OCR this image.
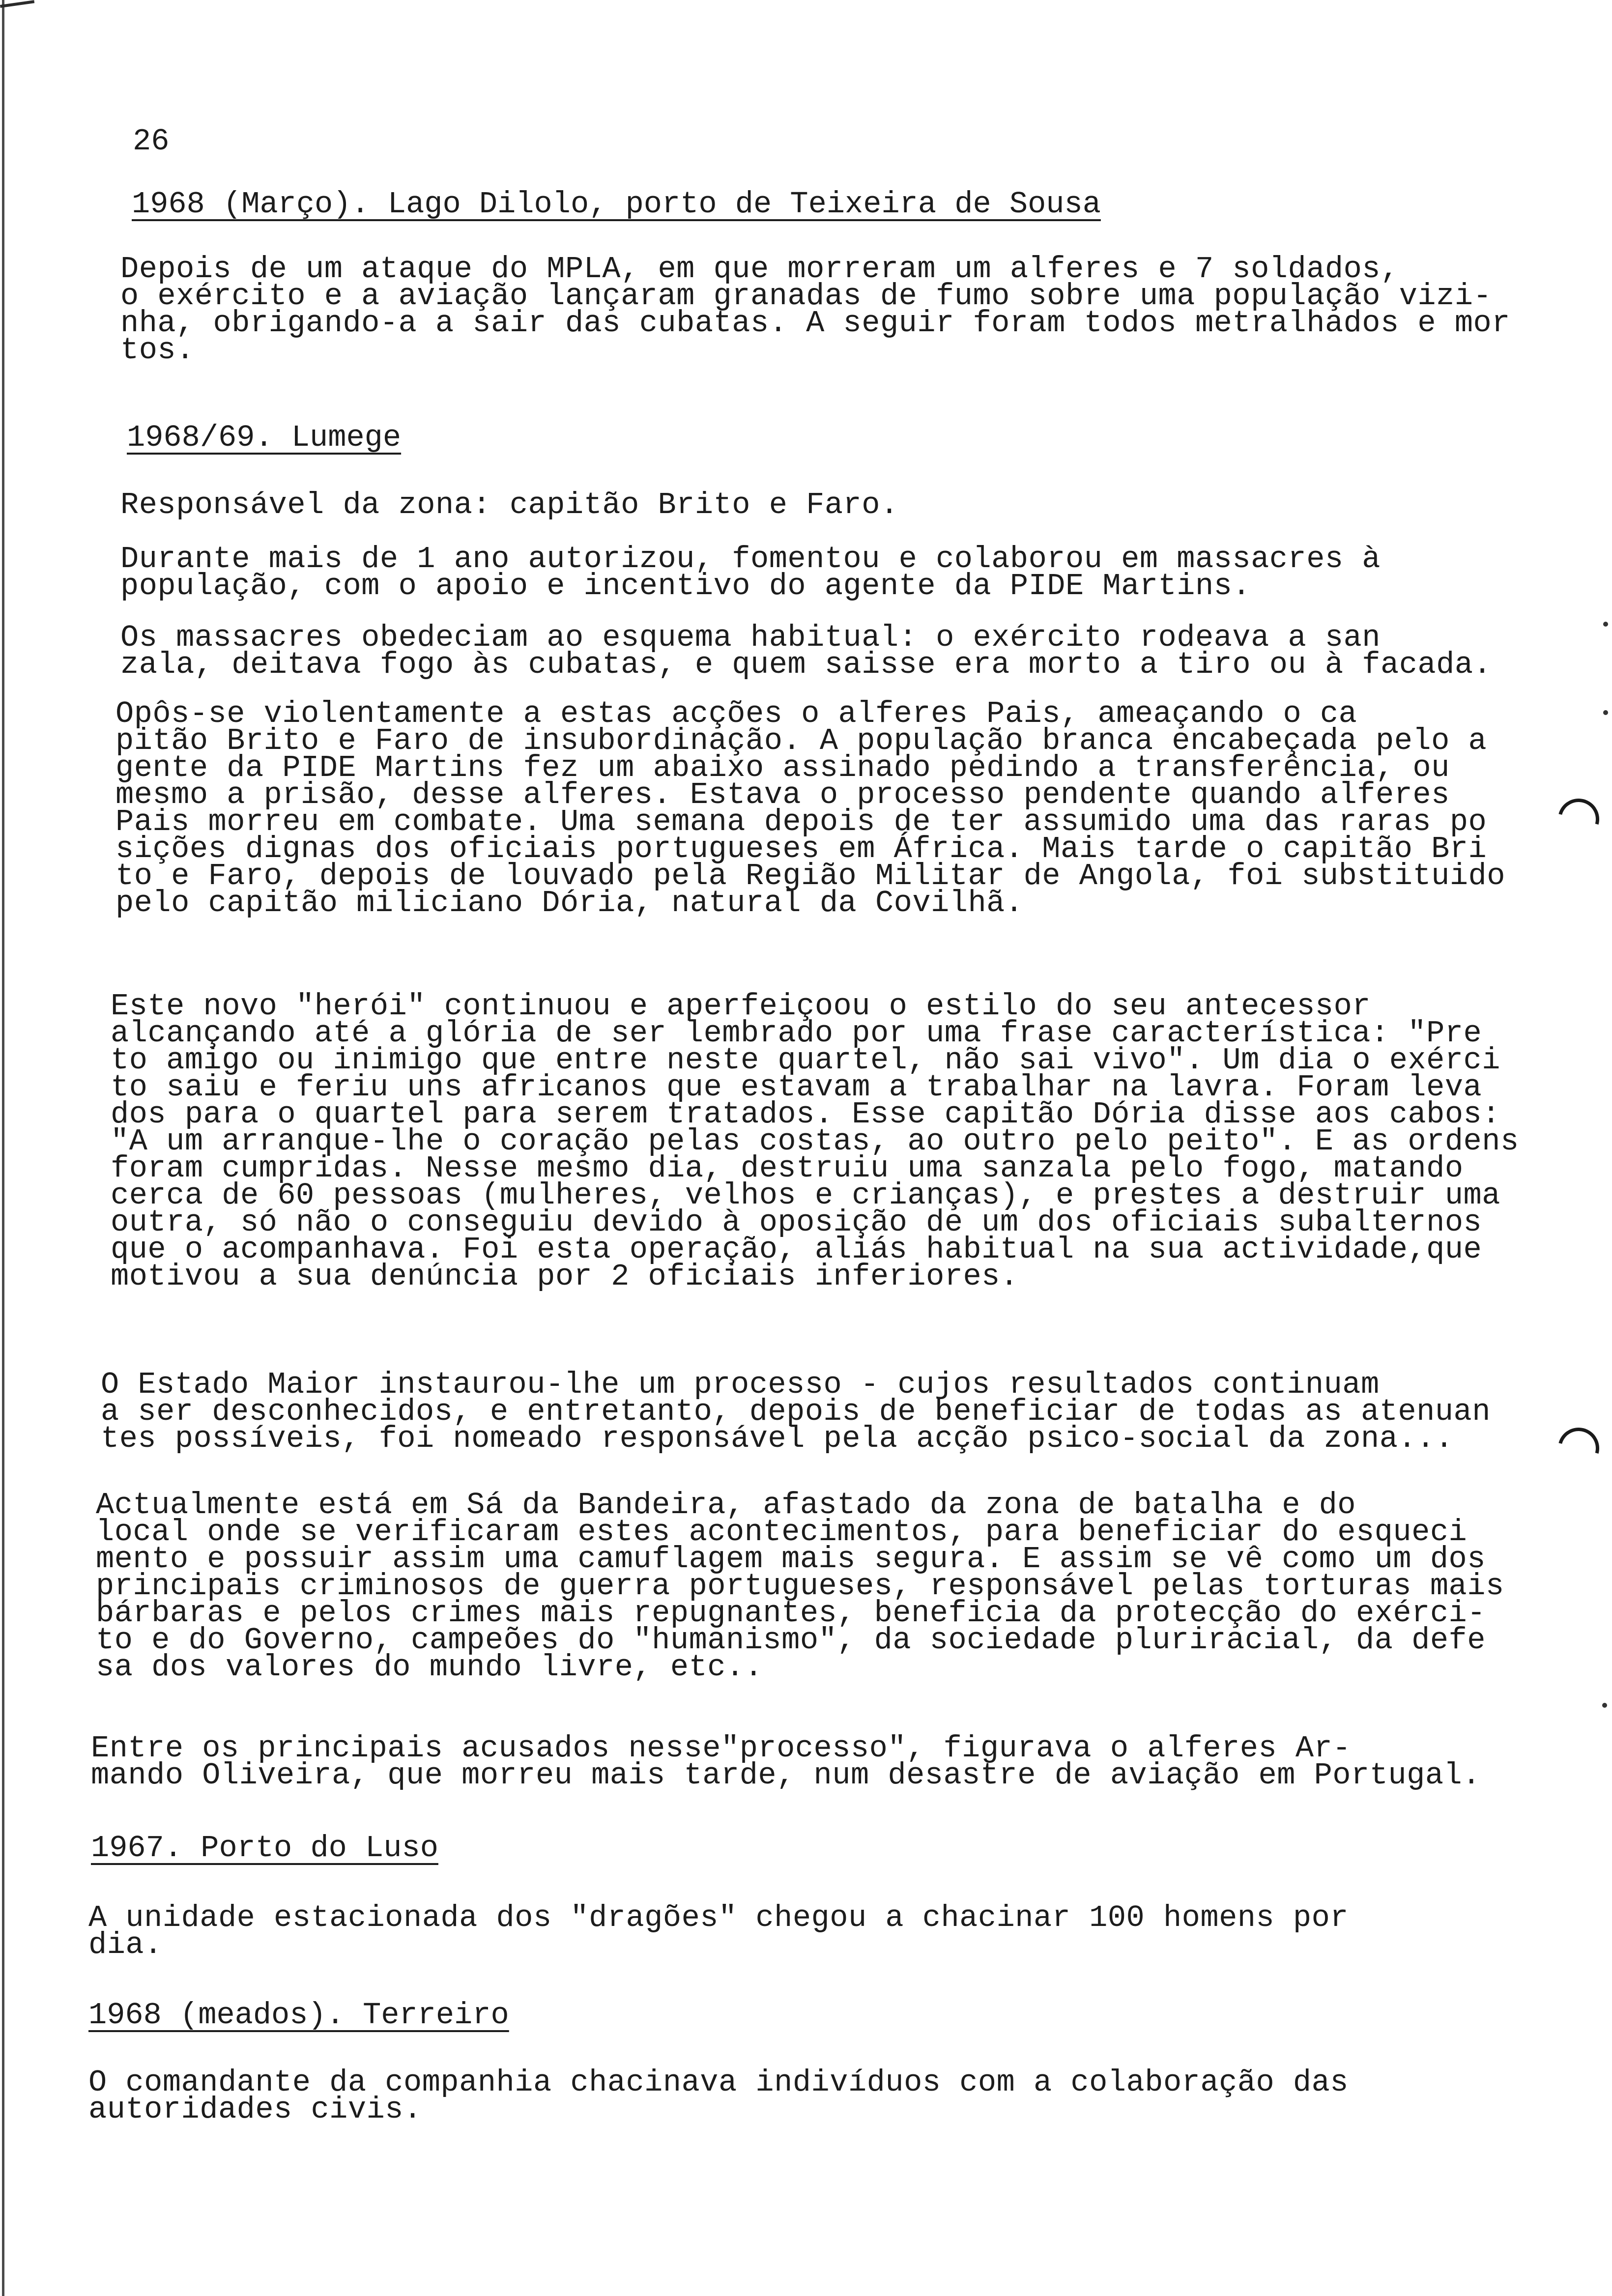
26
1968 (Março). Lago Dilolo, porto de Teixeira de Sousa
Depois de um ataque do MPLA, em que morreram um alferes e 7 soldados,
o exército e a aviação lançaram granadas de fumo sobre uma população vizi-
nha, obrigando-a a sair das cubatas. A seguir foram todos metralhados e mor
tos.
1968/69. Lumege
Responsável da zona: capitão Brito e Faro.
Durante mais de 1 ano autorizou, fomentou e colaborou em massacres à
população, com o apoio e incentivo do agente da PIDE Martins.
Os massacres obedeciam ao esquema habitual: o exército rodeava a san
zala, deitava fogo às cubatas, e quem saisse era morto a tiro ou à facada.
Opôs-se violentamente a estas acções o alferes Pais, ameaçando o ca
pitão Brito e Faro de insubordinação. A população branca encabeçada pelo a
gente da PIDE Martins fez um abaixo assinado pedindo a transferência, ou
mesmo a prisão, desse alferes. Estava o processo pendente quando alferes
Pais morreu em combate. Uma semana depois de ter assumido uma das raras po
sições dignas dos oficiais portugueses em África. Mais tarde o capitão Bri
to e Faro, depois de louvado pela Região Militar de Angola, foi substituido
pelo capitão miliciano Dória, natural da Covilhã.
Este novo "herói" continuou e aperfeiçoou o estilo do seu antecessor
alcançando até a glória de ser lembrado por uma frase característica: "Pre
to amigo ou inimigo que entre neste quartel, não sai vivo". Um dia o exérci
to saiu e feriu uns africanos que estavam a trabalhar na lavra. Foram leva
dos para o quartel para serem tratados. Esse capitão Dória disse aos cabos:
"A um arranque-lhe o coração pelas costas, ao outro pelo peito". E as ordens
foram cumpridas. Nesse mesmo dia, destruiu uma sanzala pelo fogo, matando
cerca de 60 pessoas (mulheres, velhos e crianças), e prestes a destruir uma
outra, só não o conseguiu devido à oposição de um dos oficiais subalternos
que o acompanhava. Foi esta operação, aliás habitual na sua actividade,que
motivou a sua denúncia por 2 oficiais inferiores.
O Estado Maior instaurou-lhe um processo - cujos resultados continuam
a ser desconhecidos, e entretanto, depois de beneficiar de todas as atenuan
tes possíveis, foi nomeado responsável pela acção psico-social da zona...
Actualmente está em Sá da Bandeira, afastado da zona de batalha e do
local onde se verificaram estes acontecimentos, para beneficiar do esqueci
mento e possuir assim uma camuflagem mais segura. E assim se vê como um dos
principais criminosos de guerra portugueses, responsável pelas torturas mais
bárbaras e pelos crimes mais repugnantes, beneficia da protecção do exérci-
to e do Governo, campeões do "humanismo", da sociedade pluriracial, da defe
sa dos valores do mundo livre, etc..
Entre os principais acusados nesse"processo", figurava o alferes Ar-
mando Oliveira, que morreu mais tarde, num desastre de aviação em Portugal.
1967. Porto do Luso
A unidade estacionada dos "dragões" chegou a chacinar 100 homens por
dia.
1968 (meados). Terreiro
O comandante da companhia chacinava indivíduos com a colaboração das
autoridades civis.
